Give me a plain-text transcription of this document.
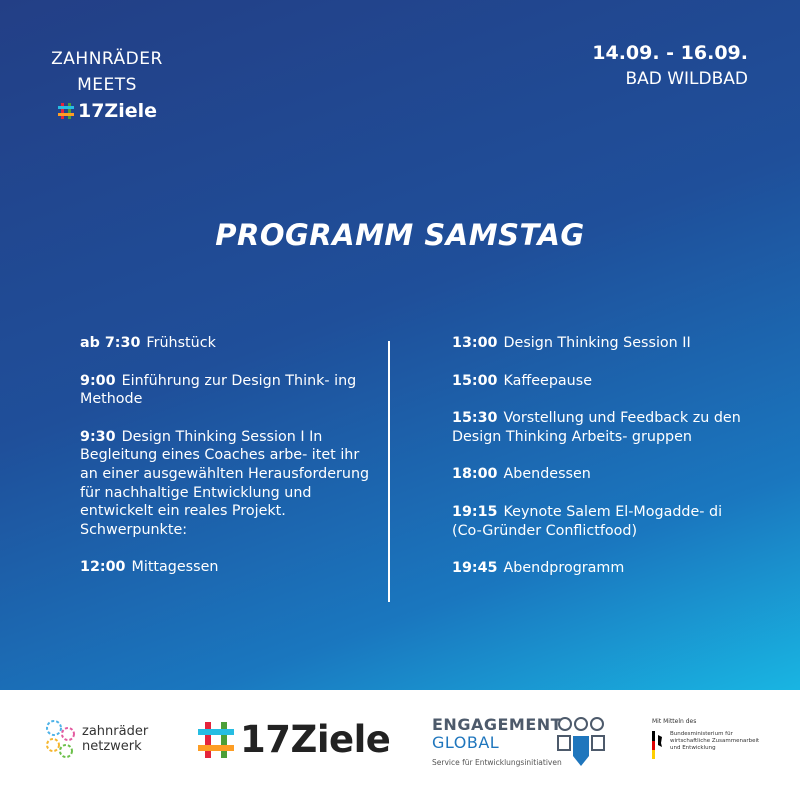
ZAHNRÄDER
MEETS
17Ziele
14.09. - 16.09.
BAD WILDBAD
PROGRAMM SAMSTAG
ab 7:30 Frühstück
9:00 Einführung zur Design Think- ing Methode
9:30 Design Thinking Session I In Begleitung eines Coaches arbe- itet ihr an einer ausgewählten Herausforderung für nachhaltige Entwicklung und entwickelt ein reales Projekt. Schwerpunkte:
12:00 Mittagessen
13:00 Design Thinking Session II
15:00 Kaffeepause
15:30 Vorstellung und Feedback zu den Design Thinking Arbeits- gruppen
18:00 Abendessen
19:15 Keynote Salem El-Mogadde- di (Co-Gründer Conflictfood)
19:45 Abendprogramm
zahnräder
netzwerk	17Ziele	ENGAGEMENT
GLOBAL
Service für Entwicklungsinitiativen
Mit Mitteln des
Bundesministerium für wirtschaftliche Zusammenarbeit und Entwicklung
